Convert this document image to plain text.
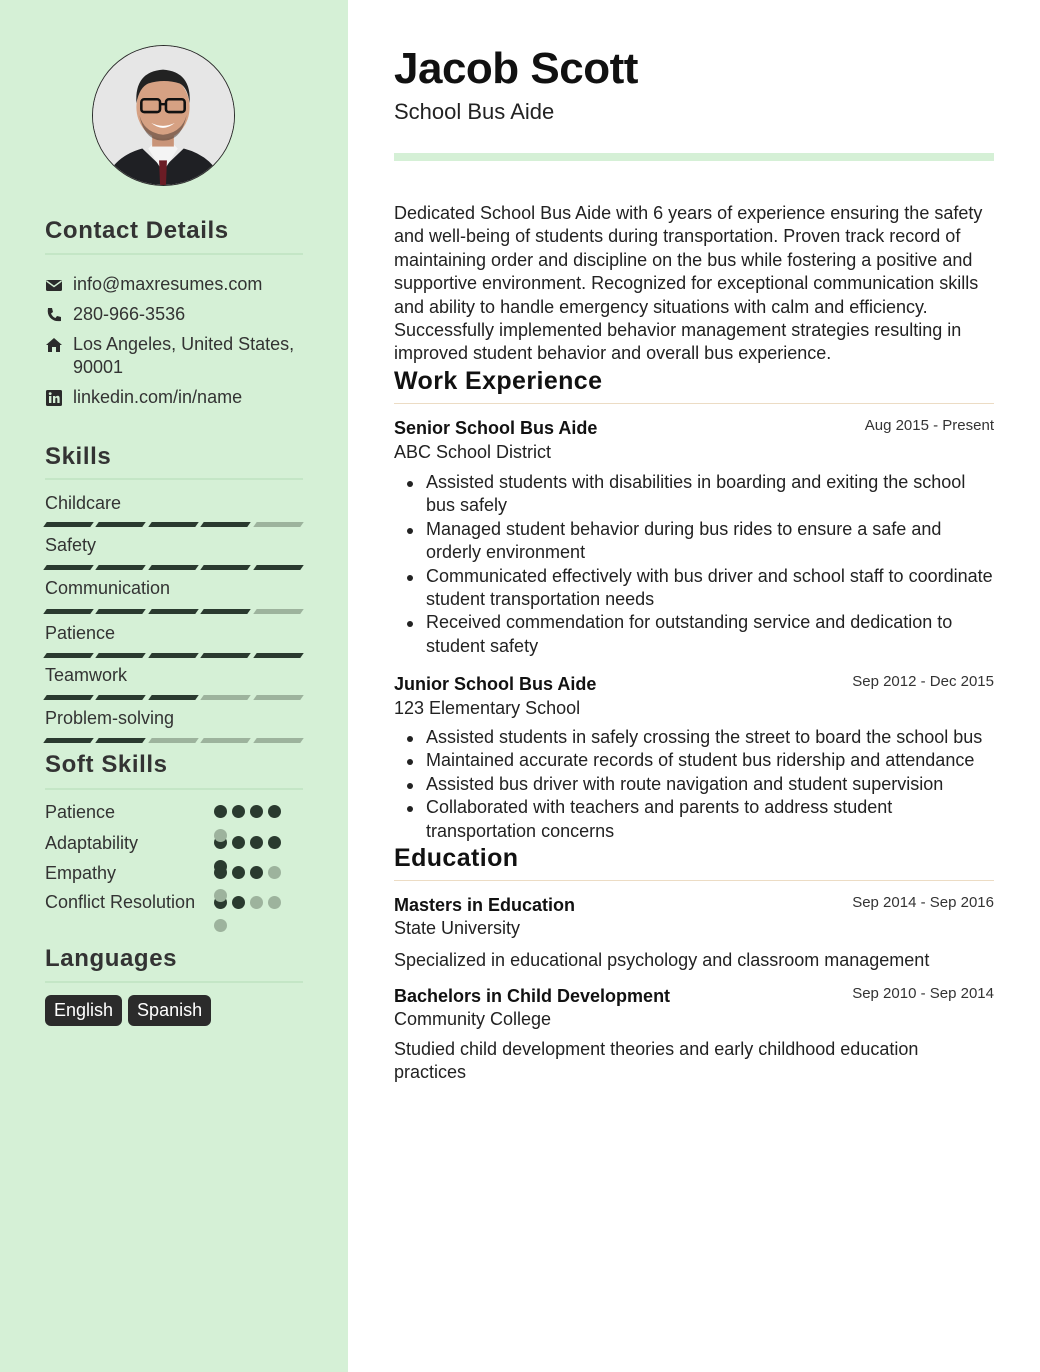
Contact Details
info@maxresumes.com
280-966-3536
Los Angeles, United States, 90001
linkedin.com/in/name
Skills
Childcare
Safety
Communication
Patience
Teamwork
Problem-solving
Soft Skills
Patience
Adaptability
Empathy
Conflict Resolution
Languages
English	Spanish
Jacob Scott
School Bus Aide
Dedicated School Bus Aide with 6 years of experience ensuring the safety and well-being of students during transportation. Proven track record of maintaining order and discipline on the bus while fostering a positive and supportive environment. Recognized for exceptional communication skills and ability to handle emergency situations with calm and efficiency. Successfully implemented behavior management strategies resulting in improved student behavior and overall bus experience.
Work Experience
Senior School Bus Aide	Aug 2015 - Present
ABC School District
Assisted students with disabilities in boarding and exiting the school bus safely
Managed student behavior during bus rides to ensure a safe and orderly environment
Communicated effectively with bus driver and school staff to coordinate student transportation needs
Received commendation for outstanding service and dedication to student safety
Junior School Bus Aide	Sep 2012 - Dec 2015
123 Elementary School
Assisted students in safely crossing the street to board the school bus
Maintained accurate records of student bus ridership and attendance
Assisted bus driver with route navigation and student supervision
Collaborated with teachers and parents to address student transportation concerns
Education
Masters in Education	Sep 2014 - Sep 2016
State University
Specialized in educational psychology and classroom management
Bachelors in Child Development	Sep 2010 - Sep 2014
Community College
Studied child development theories and early childhood education practices
